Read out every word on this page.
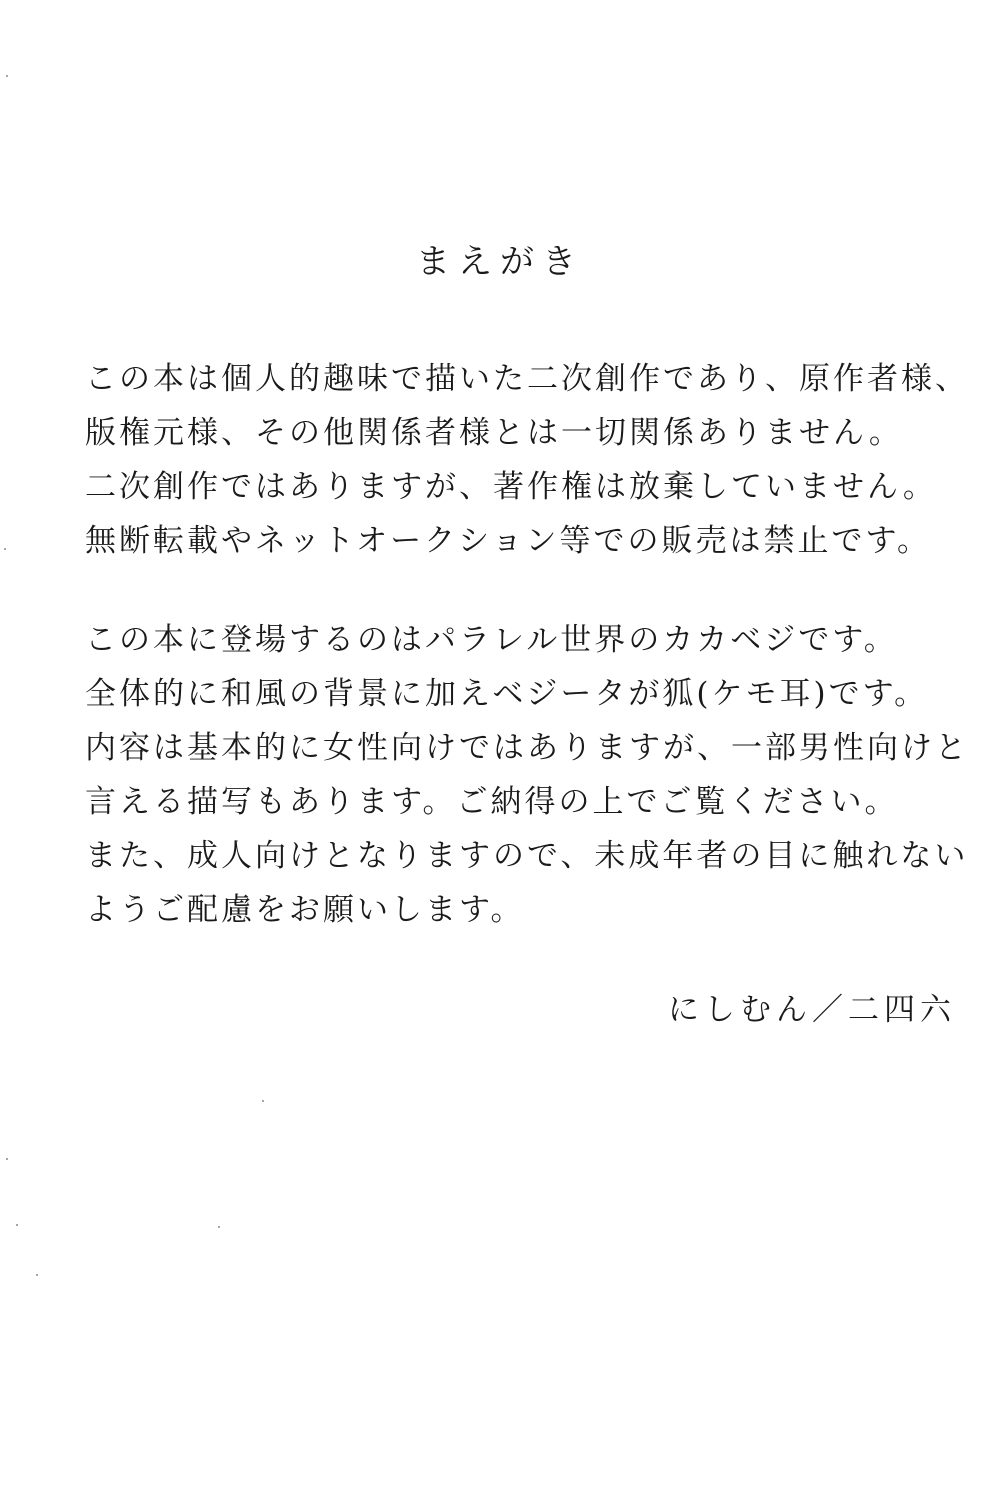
まえがき
この本は個人的趣味で描いた二次創作であり、原作者様、
版権元様、その他関係者様とは一切関係ありません。
二次創作ではありますが、著作権は放棄していません。
無断転載やネットオークション等での販売は禁止です。
この本に登場するのはパラレル世界のカカベジです。
全体的に和風の背景に加えベジータが狐(ケモ耳)です。
内容は基本的に女性向けではありますが、一部男性向けと
言える描写もあります。ご納得の上でご覧ください。
また、成人向けとなりますので、未成年者の目に触れない
ようご配慮をお願いします。
にしむん／二四六
